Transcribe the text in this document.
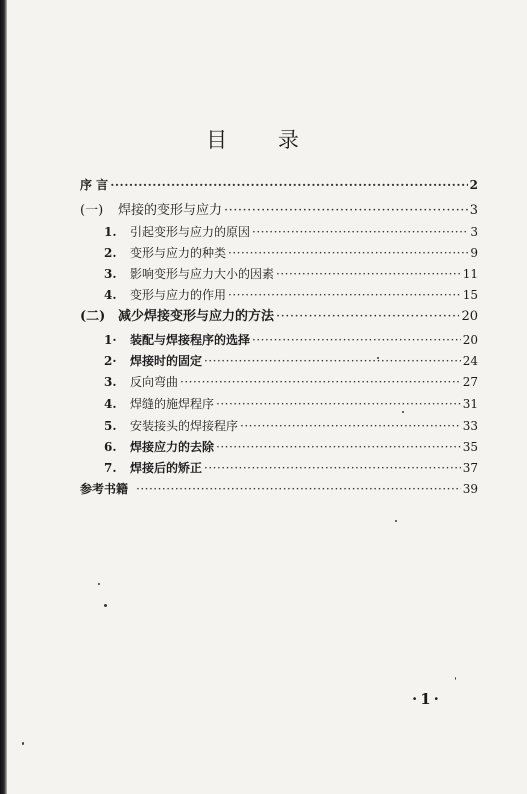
目 录
序 言 ·····	2
(一)	焊接的变形与应力 ·····	3
1.	引起变形与应力的原因 ·····	3
2.	变形与应力的种类 ·····	9
3.	影响变形与应力大小的因素 ·····	11
4.	变形与应力的作用 ·····	15
(二) 减少焊接变形与应力的方法 ·····	20
1·	装配与焊接程序的选择 ·····	20
2·	焊接时的固定 ·····	24
3.	反向弯曲 ·····	27
4.	焊缝的施焊程序 ·····	31
5.	安装接头的焊接程序 ·····	33
6.	焊接应力的去除 ·····	35
7.	焊接后的矫正 ·····	37
参考书籍 ·····	39
·1·
